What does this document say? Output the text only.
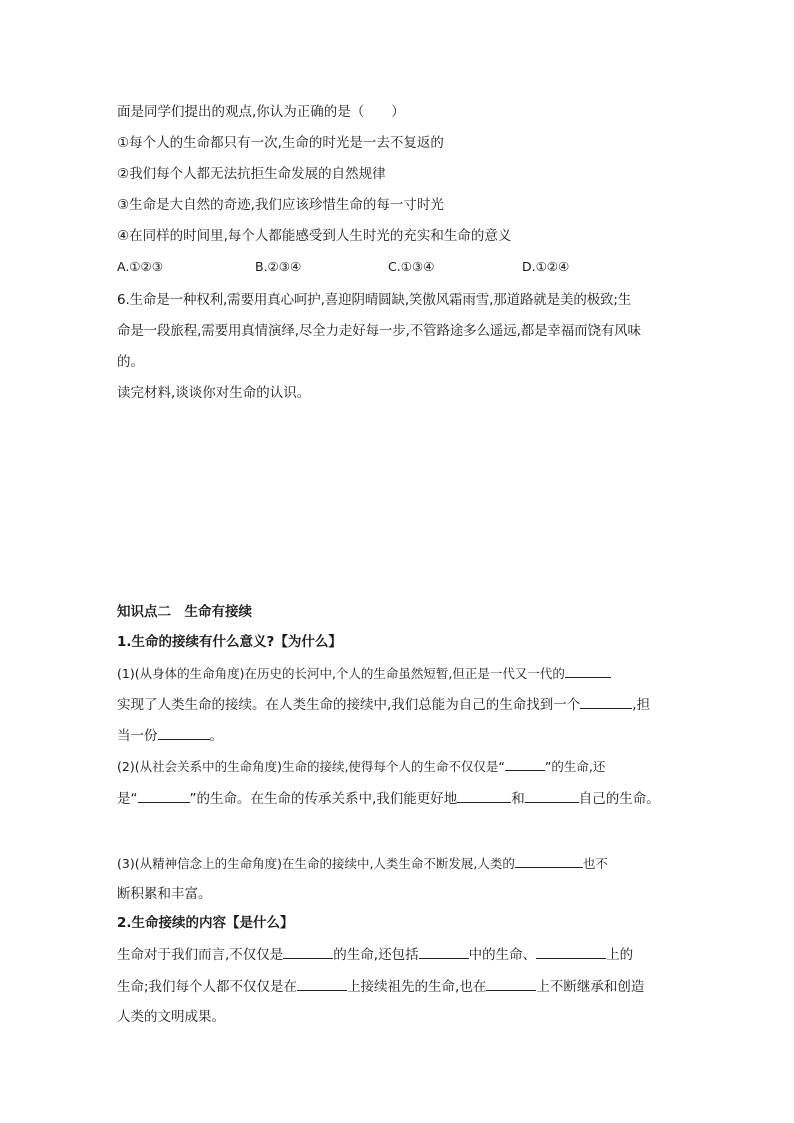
面是同学们提出的观点,你认为正确的是（　　）
①每个人的生命都只有一次,生命的时光是一去不复返的
②我们每个人都无法抗拒生命发展的自然规律
③生命是大自然的奇迹,我们应该珍惜生命的每一寸时光
④在同样的时间里,每个人都能感受到人生时光的充实和生命的意义
A.①②③	B.②③④	C.①③④	D.①②④
6.生命是一种权利,需要用真心呵护,喜迎阴晴圆缺,笑傲风霜雨雪,那道路就是美的极致;生
命是一段旅程,需要用真情演绎,尽全力走好每一步,不管路途多么遥远,都是幸福而饶有风味
的。
读完材料,谈谈你对生命的认识。
知识点二　生命有接续
1.生命的接续有什么意义?【为什么】
(1)(从身体的生命角度)在历史的长河中,个人的生命虽然短暂,但正是一代又一代的
实现了人类生命的接续。在人类生命的接续中,我们总能为自己的生命找到一个	,担
当一份	。
(2)(从社会关系中的生命角度)生命的接续,使得每个人的生命不仅仅是“	”的生命,还
是“	”的生命。在生命的传承关系中,我们能更好地	和	自己的生命。
(3)(从精神信念上的生命角度)在生命的接续中,人类生命不断发展,人类的	也不
断积累和丰富。
2.生命接续的内容【是什么】
生命对于我们而言,不仅仅是	的生命,还包括	中的生命、	上的
生命;我们每个人都不仅仅是在	上接续祖先的生命,也在	上不断继承和创造
人类的文明成果。
